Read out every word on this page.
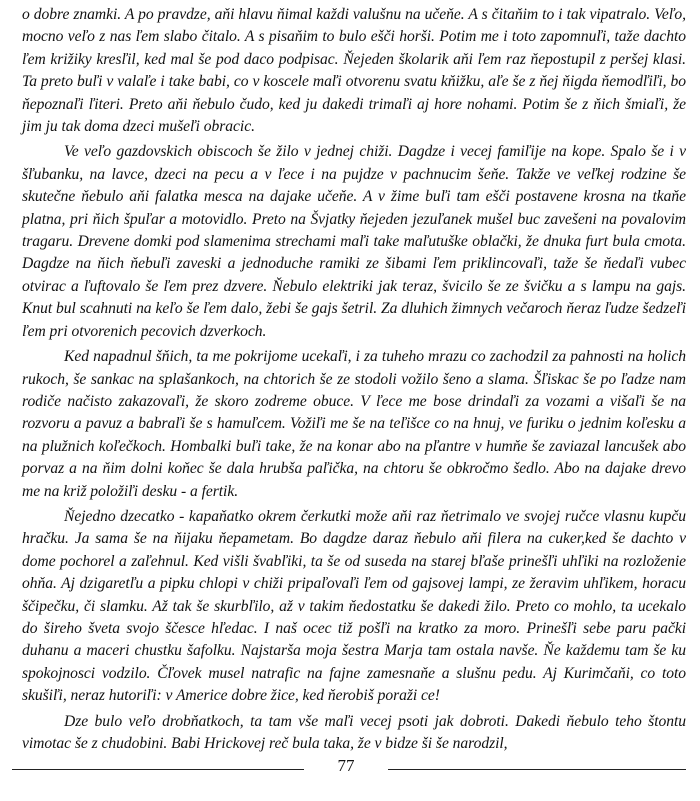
o dobre znamki. A po pravdze, aňi hlavu ňimal každi valušnu na učeňe. A s čitaňim to i tak vipatralo. Veľo, mocno veľo z nas ľem slabo čitalo. A s pisaňim to bulo ešči horši. Potim me i toto zapomnuľi, taže dachto ľem križiky kresľil, ked mal še pod daco podpisac. Ňejeden školarik aňi ľem raz ňepostupil z peršej klasi. Ta preto buľi v valaľe i take babi, co v koscele maľi otvorenu svatu kňižku, aľe še z ňej ňigda ňemodľiľi, bo ňepoznaľi ľiteri. Preto aňi ňebulo čudo, ked ju dakedi trimaľi aj hore nohami. Potim še z ňich šmiaľi, že jim ju tak doma dzeci mušeľi obracic.

Ve veľo gazdovskich obiscoch še žilo v jednej chiži. Dagdze i vecej famiľije na kope. Spalo še i v šľubanku, na lavce, dzeci na pecu a v ľece i na pujdze v pachnucim šeňe. Takže ve veľkej rodzine še skutečne ňebulo aňi falatka mesca na dajake učeňe. A v žime buľi tam ešči postavene krosna na tkaňe platna, pri ňich špuľar a motovidlo. Preto na Švjatky ňejeden jezuľanek mušel buc zavešeni na povalovim tragaru. Drevene domki pod slamenima strechami maľi take maľutuške oblački, že dnuka furt bula cmota. Dagdze na ňich ňebuľi zaveski a jednoduche ramiki ze šibami ľem priklincovaľi, taže še ňedaľi vubec otvirac a ľuftovalo še ľem prez dzvere. Ňebulo elektriki jak teraz, švicilo še ze švičku a s lampu na gajs. Knut bul scahnuti na keľo še ľem dalo, žebi še gajs šetril. Za dluhich žimnych večaroch ňeraz ľudze šedzeľi ľem pri otvorenich pecovich dzverkoch.

Ked napadnul šňich, ta me pokrijome ucekaľi, i za tuheho mrazu co zachodzil za pahnosti na holich rukoch, še sankac na splašankoch, na chtorich še ze stodoli vožilo šeno a slama. Šľiskac še po ľadze nam rodiče načisto zakazovaľi, že skoro zodreme obuce. V ľece me bose drindaľi za vozami a višaľi še na rozvoru a pavuz a babraľi še s hamuľcem. Vožiľi me še na teľišce co na hnuj, ve furiku o jednim koľesku a na plužnich koľečkoch. Hombalki buľi take, že na konar abo na pľantre v humňe še zaviazal lancušek abo porvaz a na ňim dolni koňec še dala hrubša paľička, na chtoru še obkročmo šedlo. Abo na dajake drevo me na križ položiľi desku - a fertik.

Ňejedno dzecatko - kapaňatko okrem čerkutki može aňi raz ňetrimalo ve svojej ručce vlasnu kupču hračku. Ja sama še na ňijaku ňepametam. Bo dagdze daraz ňebulo aňi filera na cuker,ked še dachto v dome pochorel a zaľehnul. Ked višli švabľiki, ta še od suseda na starej bľaše prinešľi uhľiki na rozloženie ohňa. Aj dzigaretľu a pipku chlopi v chiži pripaľovaľi ľem od gajsovej lampi, ze žeravim uhľikem, horacu ščipečku, či slamku. Až tak še skurbľilo, až v takim ňedostatku še dakedi žilo. Preto co mohlo, ta ucekalo do šireho šveta svojo ščesce hľedac. I naš ocec tiž pošľi na kratko za moro. Prinešľi sebe paru pački duhanu a maceri chustku šafolku. Najstarša moja šestra Marja tam ostala navše. Ňe každemu tam še ku spokojnosci vodzilo. Čľovek musel natrafic na fajne zamesnaňe a slušnu pedu. Aj Kurimčaňi, co toto skušiľi, neraz hutoriľi: v Americe dobre žice, ked ňerobiš poraži ce!

Dze bulo veľo drobňatkoch, ta tam vše maľi vecej psoti jak dobroti. Dakedi ňebulo teho štontu vimotac še z chudobini. Babi Hrickovej reč bula taka, že v bidze ši še narodzil,

77
